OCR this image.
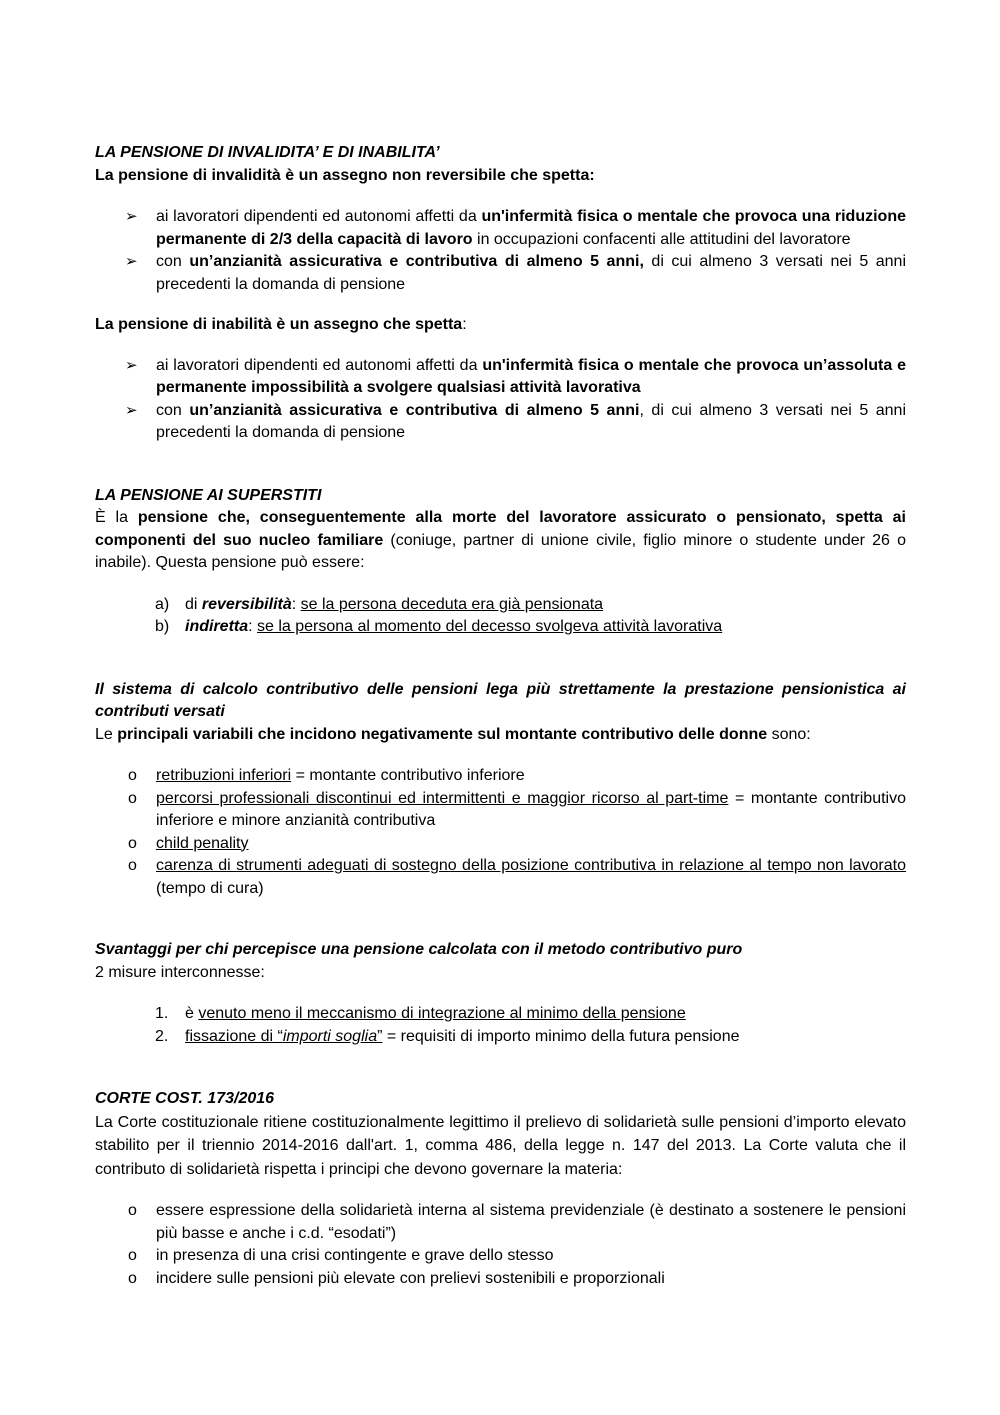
LA PENSIONE DI INVALIDITA’ E DI INABILITA’

La pensione di invalidità è un assegno non reversibile che spetta:

➢	ai lavoratori dipendenti ed autonomi affetti da un'infermità fisica o mentale che provoca una riduzione permanente di 2/3 della capacità di lavoro in occupazioni confacenti alle attitudini del lavoratore
➢	con un’anzianità assicurativa e contributiva di almeno 5 anni, di cui almeno 3 versati nei 5 anni precedenti la domanda di pensione

La pensione di inabilità è un assegno che spetta:

➢	ai lavoratori dipendenti ed autonomi affetti da un'infermità fisica o mentale che provoca un’assoluta e permanente impossibilità a svolgere qualsiasi attività lavorativa
➢	con un’anzianità assicurativa e contributiva di almeno 5 anni, di cui almeno 3 versati nei 5 anni precedenti la domanda di pensione

LA PENSIONE AI SUPERSTITI

È la pensione che, conseguentemente alla morte del lavoratore assicurato o pensionato, spetta ai componenti del suo nucleo familiare (coniuge, partner di unione civile, figlio minore o studente under 26 o inabile). Questa pensione può essere:

a) di reversibilità: se la persona deceduta era già pensionata
b) indiretta: se la persona al momento del decesso svolgeva attività lavorativa

Il sistema di calcolo contributivo delle pensioni lega più strettamente la prestazione pensionistica ai contributi versati

Le principali variabili che incidono negativamente sul montante contributivo delle donne sono:

o	retribuzioni inferiori = montante contributivo inferiore
o	percorsi professionali discontinui ed intermittenti e maggior ricorso al part-time = montante contributivo inferiore e minore anzianità contributiva
o	child penality
o	carenza di strumenti adeguati di sostegno della posizione contributiva in relazione al tempo non lavorato (tempo di cura)

Svantaggi per chi percepisce una pensione calcolata con il metodo contributivo puro

2 misure interconnesse:

1.	è venuto meno il meccanismo di integrazione al minimo della pensione
2.	fissazione di “importi soglia” = requisiti di importo minimo della futura pensione

CORTE COST. 173/2016

La Corte costituzionale ritiene costituzionalmente legittimo il prelievo di solidarietà sulle pensioni d’importo elevato stabilito per il triennio 2014-2016 dall'art. 1, comma 486, della legge n. 147 del 2013. La Corte valuta che il contributo di solidarietà rispetta i principi che devono governare la materia:

o	essere espressione della solidarietà interna al sistema previdenziale (è destinato a sostenere le pensioni più basse e anche i c.d. “esodati”)
o	in presenza di una crisi contingente e grave dello stesso
o	incidere sulle pensioni più elevate con prelievi sostenibili e proporzionali
